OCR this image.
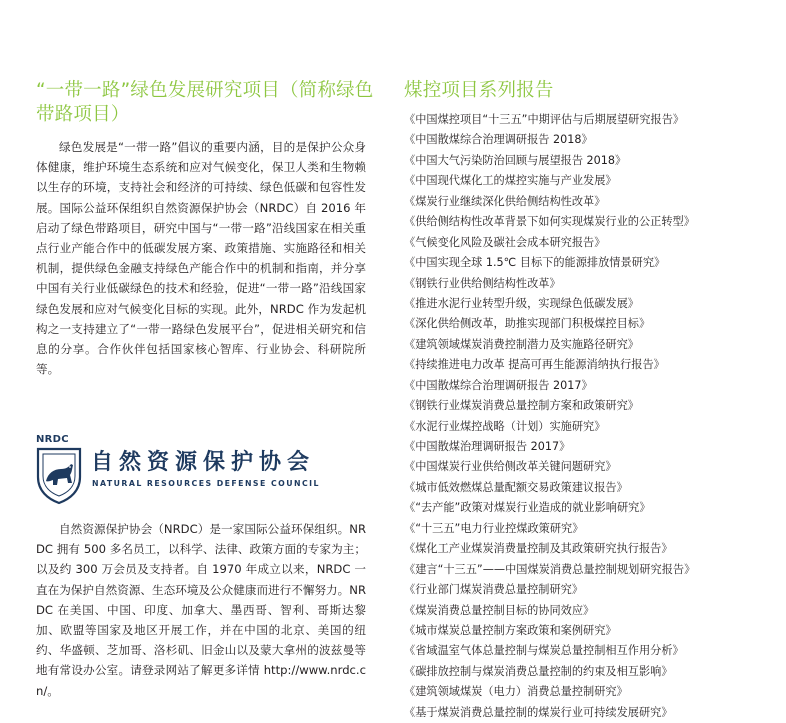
“一带一路”绿色发展研究项目（简称绿色带路项目）

绿色发展是“一带一路”倡议的重要内涵，目的是保护公众身体健康，维护环境生态系统和应对气候变化，保卫人类和生物赖以生存的环境，支持社会和经济的可持续、绿色低碳和包容性发展。国际公益环保组织自然资源保护协会（NRDC）自 2016 年启动了绿色带路项目，研究中国与“一带一路”沿线国家在相关重点行业产能合作中的低碳发展方案、政策措施、实施路径和相关机制，提供绿色金融支持绿色产能合作中的机制和指南，并分享中国有关行业低碳绿色的技术和经验，促进“一带一路”沿线国家绿色发展和应对气候变化目标的实现。此外，NRDC 作为发起机构之一支持建立了“一带一路绿色发展平台”，促进相关研究和信息的分享。合作伙伴包括国家核心智库、行业协会、科研院所等。

NRDC
自然资源保护协会
NATURAL RESOURCES DEFENSE COUNCIL

自然资源保护协会（NRDC）是一家国际公益环保组织。NRDC 拥有 500 多名员工，以科学、法律、政策方面的专家为主；以及约 300 万会员及支持者。自 1970 年成立以来，NRDC 一直在为保护自然资源、生态环境及公众健康而进行不懈努力。NRDC 在美国、中国、印度、加拿大、墨西哥、智利、哥斯达黎加、欧盟等国家及地区开展工作，并在中国的北京、美国的纽约、华盛顿、芝加哥、洛杉矶、旧金山以及蒙大拿州的波兹曼等地有常设办公室。请登录网站了解更多详情 http://www.nrdc.cn/。

煤控项目系列报告
《中国煤控项目“十三五”中期评估与后期展望研究报告》
《中国散煤综合治理调研报告 2018》
《中国大气污染防治回顾与展望报告 2018》
《中国现代煤化工的煤控实施与产业发展》
《煤炭行业继续深化供给侧结构性改革》
《供给侧结构性改革背景下如何实现煤炭行业的公正转型》
《气候变化风险及碳社会成本研究报告》
《中国实现全球 1.5℃ 目标下的能源排放情景研究》
《钢铁行业供给侧结构性改革》
《推进水泥行业转型升级，实现绿色低碳发展》
《深化供给侧改革，助推实现部门积极煤控目标》
《建筑领域煤炭消费控制潜力及实施路径研究》
《持续推进电力改革 提高可再生能源消纳执行报告》
《中国散煤综合治理调研报告 2017》
《钢铁行业煤炭消费总量控制方案和政策研究》
《水泥行业煤控战略（计划）实施研究》
《中国散煤治理调研报告 2017》
《中国煤炭行业供给侧改革关键问题研究》
《城市低效燃煤总量配额交易政策建议报告》
《“去产能”政策对煤炭行业造成的就业影响研究》
《“十三五”电力行业控煤政策研究》
《煤化工产业煤炭消费量控制及其政策研究执行报告》
《建言“十三五”——中国煤炭消费总量控制规划研究报告》
《行业部门煤炭消费总量控制研究》
《煤炭消费总量控制目标的协同效应》
《城市煤炭总量控制方案政策和案例研究》
《省域温室气体总量控制与煤炭总量控制相互作用分析》
《碳排放控制与煤炭消费总量控制的约束及相互影响》
《建筑领域煤炭（电力）消费总量控制研究》
《基于煤炭消费总量控制的煤炭行业可持续发展研究》
